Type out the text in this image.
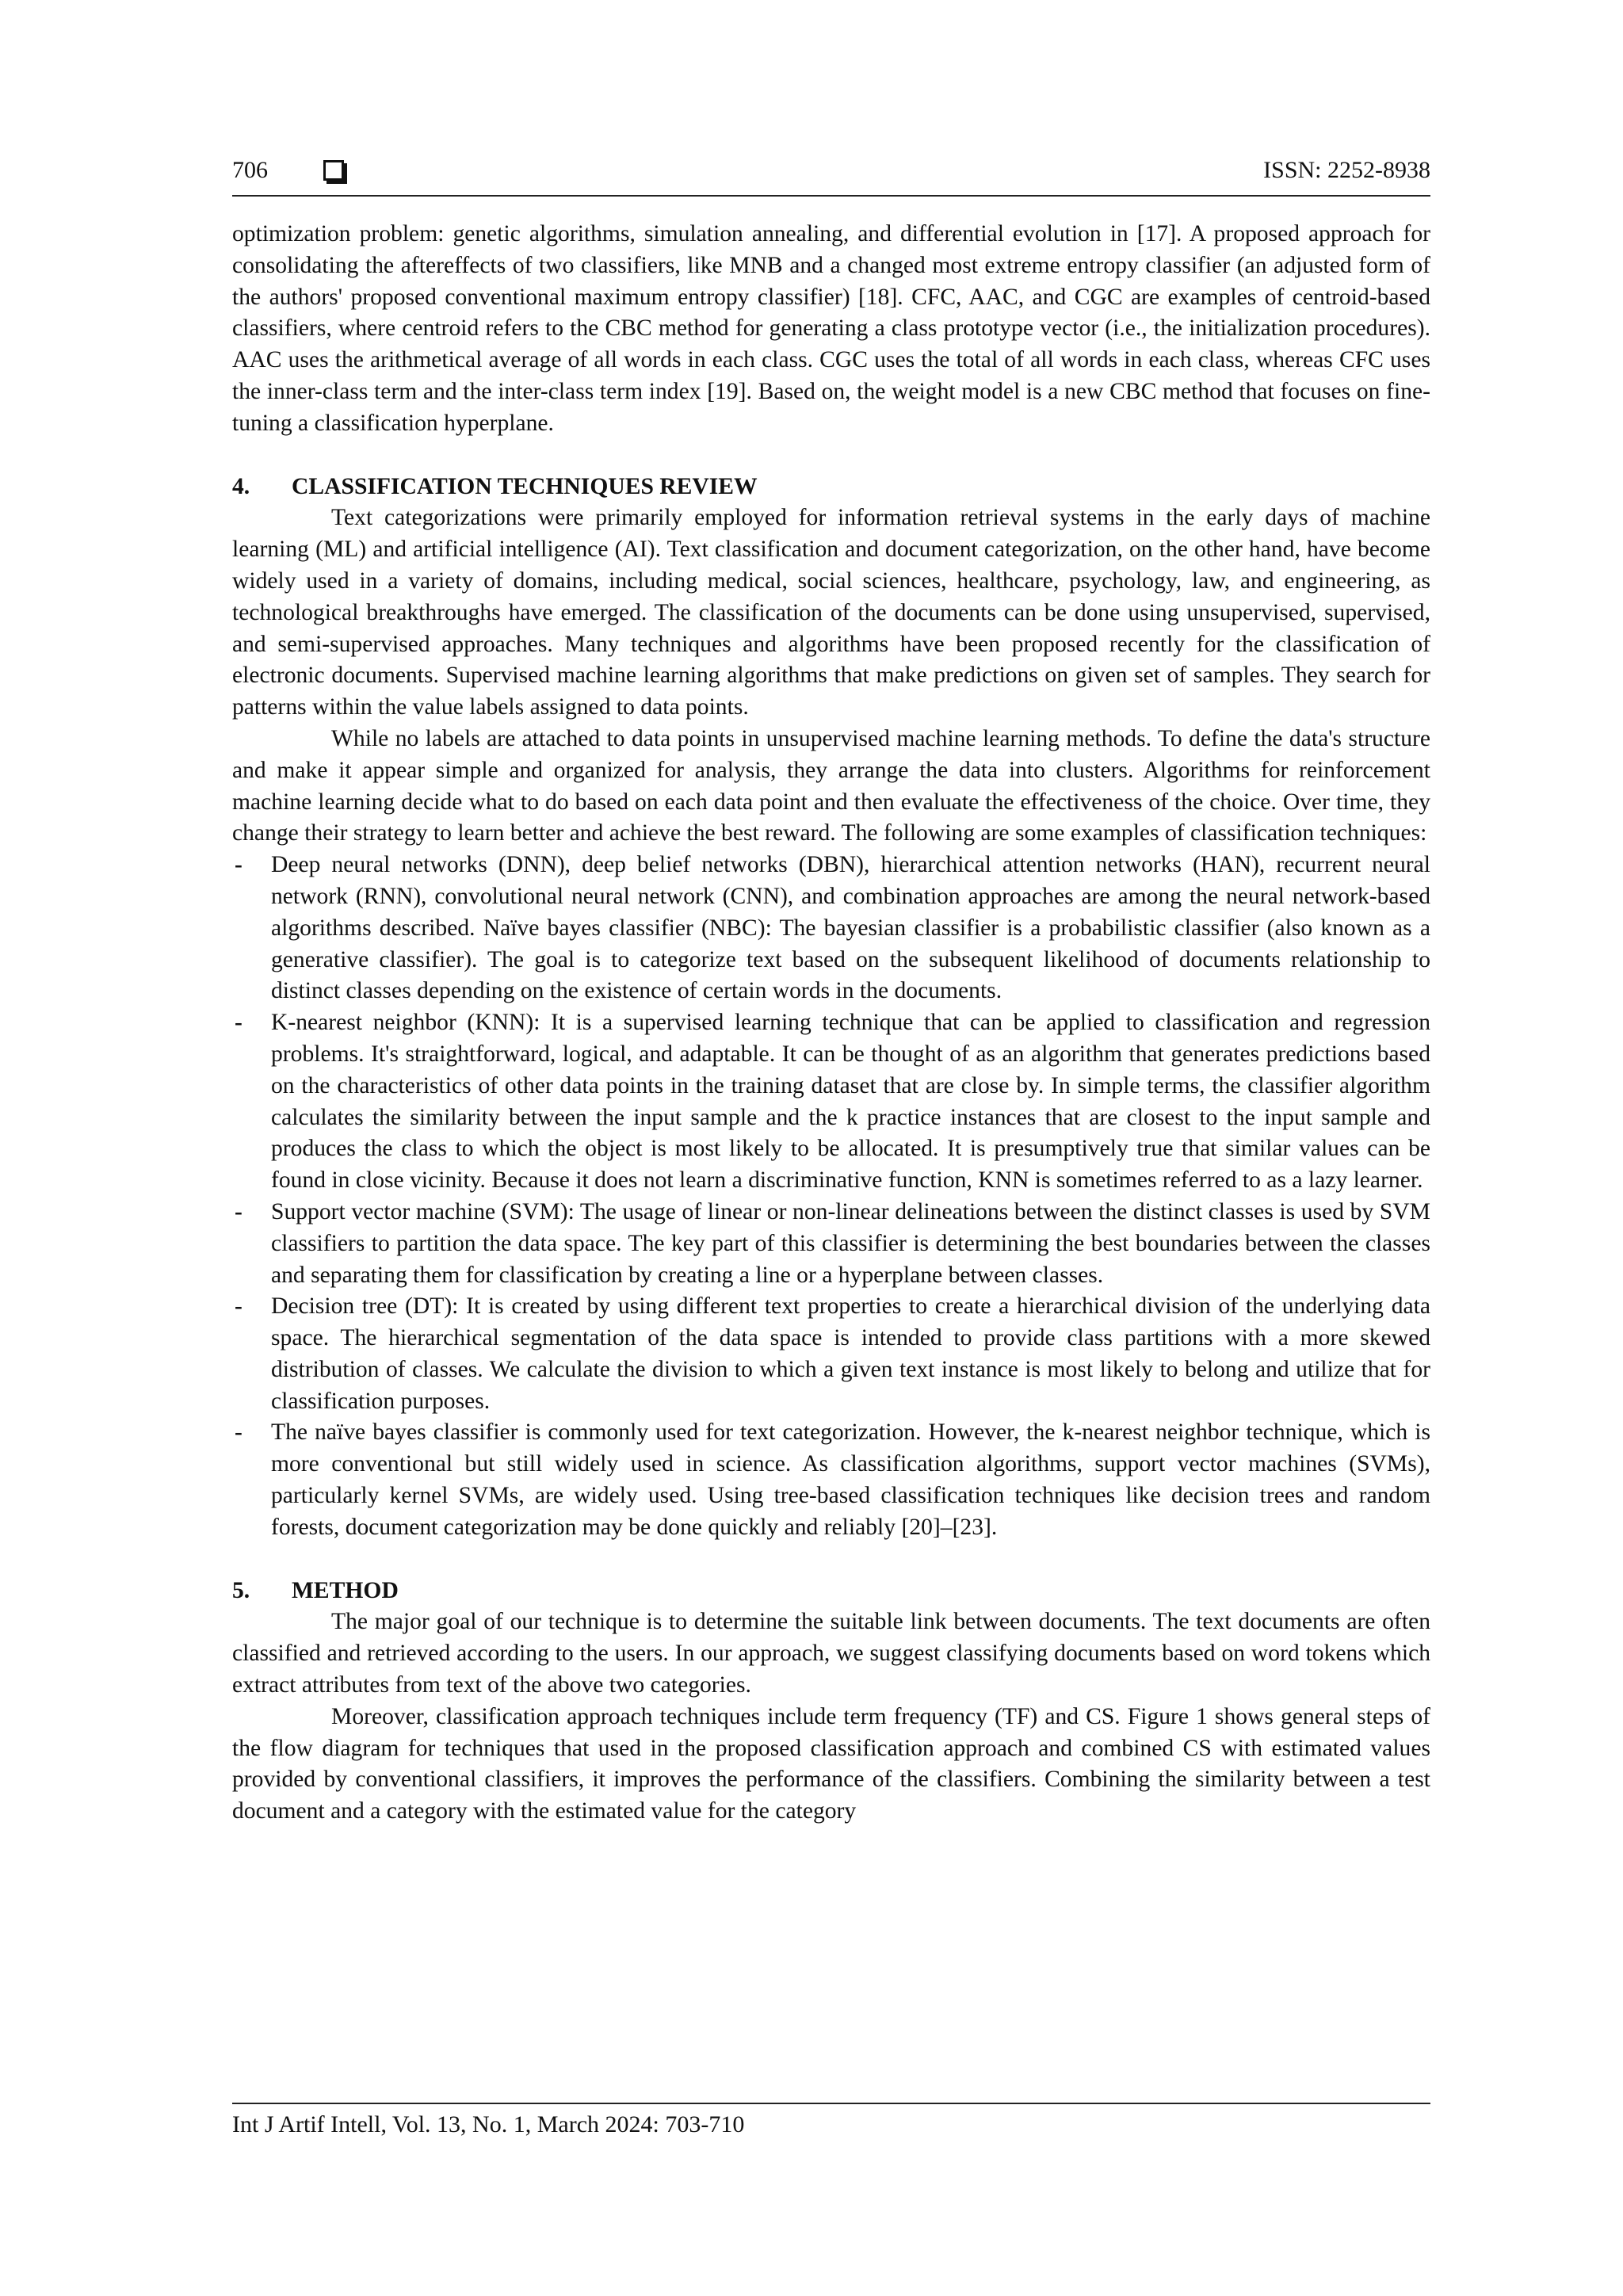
706	ISSN: 2252-8938

optimization problem: genetic algorithms, simulation annealing, and differential evolution in [17]. A proposed approach for consolidating the aftereffects of two classifiers, like MNB and a changed most extreme entropy classifier (an adjusted form of the authors' proposed conventional maximum entropy classifier) [18]. CFC, AAC, and CGC are examples of centroid-based classifiers, where centroid refers to the CBC method for generating a class prototype vector (i.e., the initialization procedures). AAC uses the arithmetical average of all words in each class. CGC uses the total of all words in each class, whereas CFC uses the inner-class term and the inter-class term index [19]. Based on, the weight model is a new CBC method that focuses on fine-tuning a classification hyperplane.

4. CLASSIFICATION TECHNIQUES REVIEW

Text categorizations were primarily employed for information retrieval systems in the early days of machine learning (ML) and artificial intelligence (AI). Text classification and document categorization, on the other hand, have become widely used in a variety of domains, including medical, social sciences, healthcare, psychology, law, and engineering, as technological breakthroughs have emerged. The classification of the documents can be done using unsupervised, supervised, and semi-supervised approaches. Many techniques and algorithms have been proposed recently for the classification of electronic documents. Supervised machine learning algorithms that make predictions on given set of samples. They search for patterns within the value labels assigned to data points.

While no labels are attached to data points in unsupervised machine learning methods. To define the data's structure and make it appear simple and organized for analysis, they arrange the data into clusters. Algorithms for reinforcement machine learning decide what to do based on each data point and then evaluate the effectiveness of the choice. Over time, they change their strategy to learn better and achieve the best reward. The following are some examples of classification techniques:

- Deep neural networks (DNN), deep belief networks (DBN), hierarchical attention networks (HAN), recurrent neural network (RNN), convolutional neural network (CNN), and combination approaches are among the neural network-based algorithms described. Naïve bayes classifier (NBC): The bayesian classifier is a probabilistic classifier (also known as a generative classifier). The goal is to categorize text based on the subsequent likelihood of documents relationship to distinct classes depending on the existence of certain words in the documents.
- K-nearest neighbor (KNN): It is a supervised learning technique that can be applied to classification and regression problems. It's straightforward, logical, and adaptable. It can be thought of as an algorithm that generates predictions based on the characteristics of other data points in the training dataset that are close by. In simple terms, the classifier algorithm calculates the similarity between the input sample and the k practice instances that are closest to the input sample and produces the class to which the object is most likely to be allocated. It is presumptively true that similar values can be found in close vicinity. Because it does not learn a discriminative function, KNN is sometimes referred to as a lazy learner.
- Support vector machine (SVM): The usage of linear or non-linear delineations between the distinct classes is used by SVM classifiers to partition the data space. The key part of this classifier is determining the best boundaries between the classes and separating them for classification by creating a line or a hyperplane between classes.
- Decision tree (DT): It is created by using different text properties to create a hierarchical division of the underlying data space. The hierarchical segmentation of the data space is intended to provide class partitions with a more skewed distribution of classes. We calculate the division to which a given text instance is most likely to belong and utilize that for classification purposes.
- The naïve bayes classifier is commonly used for text categorization. However, the k-nearest neighbor technique, which is more conventional but still widely used in science. As classification algorithms, support vector machines (SVMs), particularly kernel SVMs, are widely used. Using tree-based classification techniques like decision trees and random forests, document categorization may be done quickly and reliably [20]–[23].
5. METHOD

The major goal of our technique is to determine the suitable link between documents. The text documents are often classified and retrieved according to the users. In our approach, we suggest classifying documents based on word tokens which extract attributes from text of the above two categories.

Moreover, classification approach techniques include term frequency (TF) and CS. Figure 1 shows general steps of the flow diagram for techniques that used in the proposed classification approach and combined CS with estimated values provided by conventional classifiers, it improves the performance of the classifiers. Combining the similarity between a test document and a category with the estimated value for the category

Int J Artif Intell, Vol. 13, No. 1, March 2024: 703-710
